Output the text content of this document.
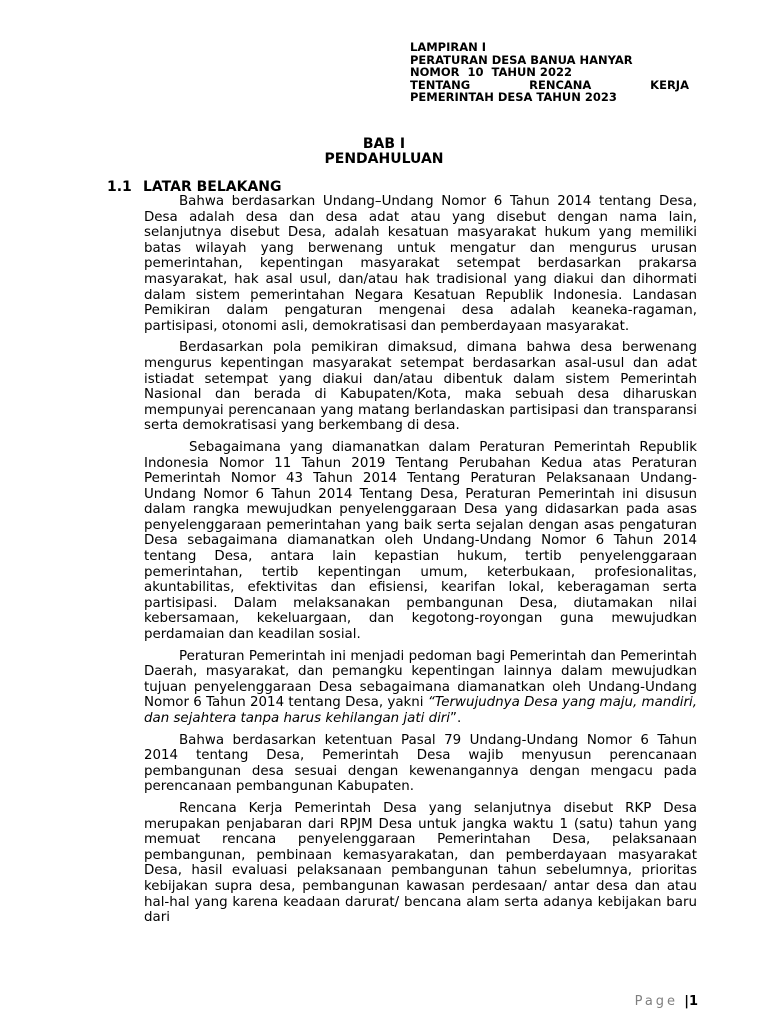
LAMPIRAN I
PERATURAN DESA BANUA HANYAR
NOMOR  10  TAHUN 2022
TENTANG	RENCANA	KERJA
PEMERINTAH DESA TAHUN 2023
BAB I
PENDAHULUAN
1.1 LATAR BELAKANG

Bahwa berdasarkan Undang–Undang Nomor 6 Tahun 2014 tentang Desa, Desa adalah desa dan desa adat atau yang disebut dengan nama lain, selanjutnya disebut Desa, adalah kesatuan masyarakat hukum yang memiliki batas wilayah yang berwenang untuk mengatur dan mengurus urusan pemerintahan, kepentingan masyarakat setempat berdasarkan prakarsa masyarakat, hak asal usul, dan/atau hak tradisional yang diakui dan dihormati dalam sistem pemerintahan Negara Kesatuan Republik Indonesia. Landasan Pemikiran dalam pengaturan mengenai desa adalah keaneka-ragaman, partisipasi, otonomi asli, demokratisasi dan pemberdayaan masyarakat.

Berdasarkan pola pemikiran dimaksud, dimana bahwa desa berwenang mengurus kepentingan masyarakat setempat berdasarkan asal-usul dan adat istiadat setempat yang diakui dan/atau dibentuk dalam sistem Pemerintah Nasional dan berada di Kabupaten/Kota, maka sebuah desa diharuskan mempunyai perencanaan yang matang berlandaskan partisipasi dan transparansi serta demokratisasi yang berkembang di desa.

Sebagaimana yang diamanatkan dalam Peraturan Pemerintah Republik Indonesia Nomor 11 Tahun 2019 Tentang Perubahan Kedua atas Peraturan Pemerintah Nomor 43 Tahun 2014 Tentang Peraturan Pelaksanaan Undang-Undang Nomor 6 Tahun 2014 Tentang Desa, Peraturan Pemerintah ini disusun dalam rangka mewujudkan penyelenggaraan Desa yang didasarkan pada asas penyelenggaraan pemerintahan yang baik serta sejalan dengan asas pengaturan Desa sebagaimana diamanatkan oleh Undang-Undang Nomor 6 Tahun 2014 tentang Desa, antara lain kepastian hukum, tertib penyelenggaraan pemerintahan, tertib kepentingan umum, keterbukaan, profesionalitas, akuntabilitas, efektivitas dan efisiensi, kearifan lokal, keberagaman serta partisipasi. Dalam melaksanakan pembangunan Desa, diutamakan nilai kebersamaan, kekeluargaan, dan kegotong-royongan guna mewujudkan perdamaian dan keadilan sosial.

Peraturan Pemerintah ini menjadi pedoman bagi Pemerintah dan Pemerintah Daerah, masyarakat, dan pemangku kepentingan lainnya dalam mewujudkan tujuan penyelenggaraan Desa sebagaimana diamanatkan oleh Undang-Undang Nomor 6 Tahun 2014 tentang Desa, yakni “Terwujudnya Desa yang maju, mandiri, dan sejahtera tanpa harus kehilangan jati diri”.

Bahwa berdasarkan ketentuan Pasal 79 Undang-Undang Nomor 6 Tahun 2014 tentang Desa, Pemerintah Desa wajib menyusun perencanaan pembangunan desa sesuai dengan kewenangannya dengan mengacu pada perencanaan pembangunan Kabupaten.

Rencana Kerja Pemerintah Desa yang selanjutnya disebut RKP Desa merupakan penjabaran dari RPJM Desa untuk jangka waktu 1 (satu) tahun yang memuat rencana penyelenggaraan Pemerintahan Desa, pelaksanaan pembangunan, pembinaan kemasyarakatan, dan pemberdayaan masyarakat Desa, hasil evaluasi pelaksanaan pembangunan tahun sebelumnya, prioritas kebijakan supra desa, pembangunan kawasan perdesaan/ antar desa dan atau hal-hal yang karena keadaan darurat/ bencana alam serta adanya kebijakan baru dari

Page |1
